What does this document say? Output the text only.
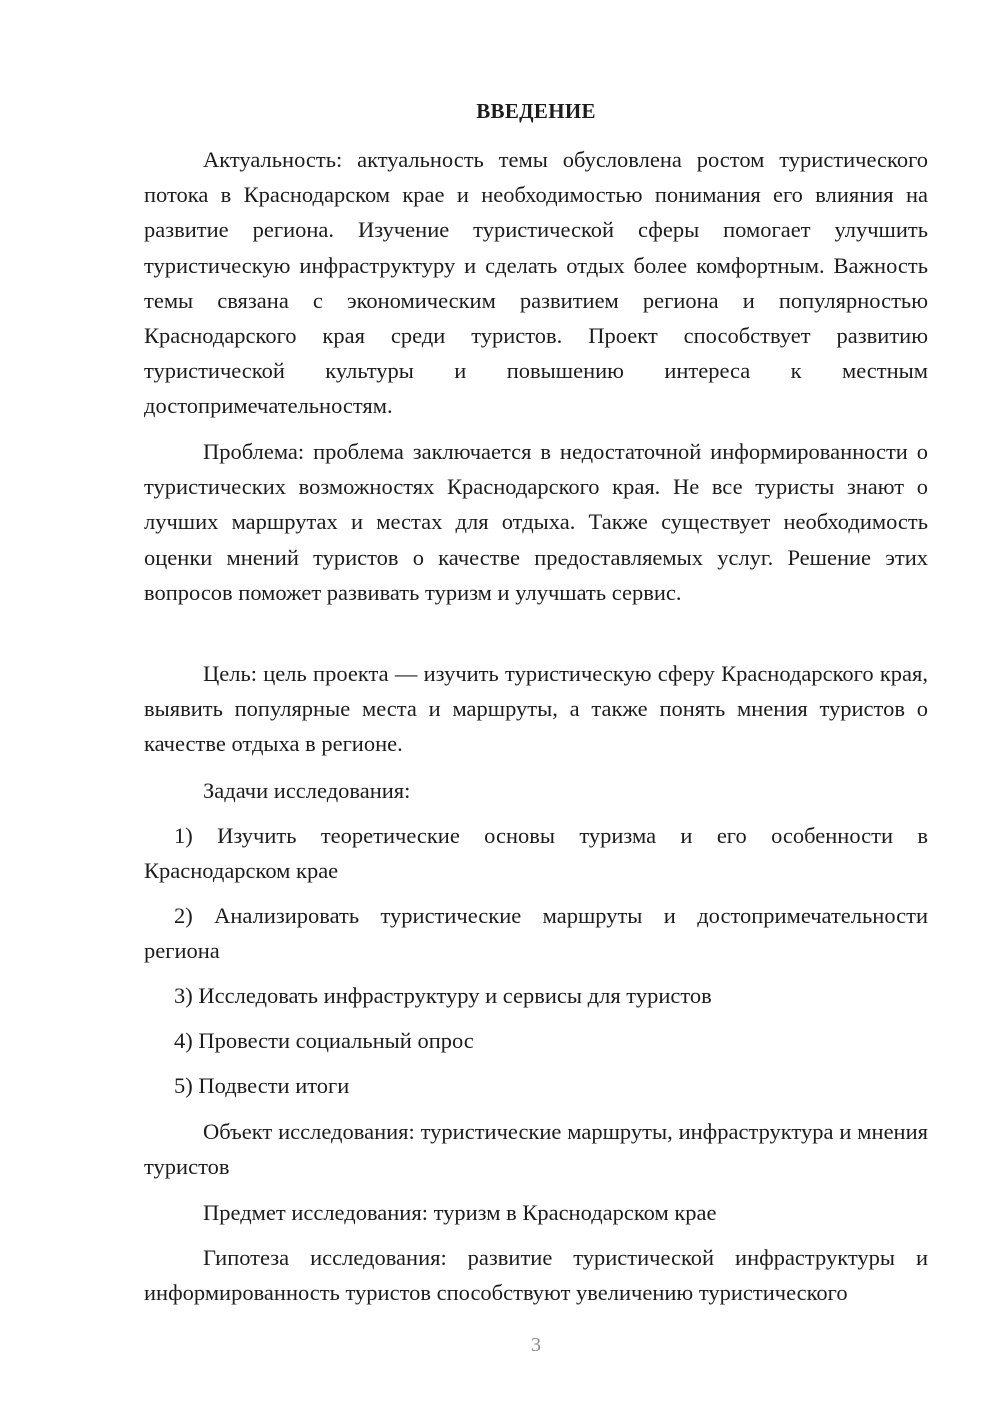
ВВЕДЕНИЕ

Актуальность: актуальность темы обусловлена ростом туристического потока в Краснодарском крае и необходимостью понимания его влияния на развитие региона. Изучение туристической сферы помогает улучшить туристическую инфраструктуру и сделать отдых более комфортным. Важность темы связана с экономическим развитием региона и популярностью Краснодарского края среди туристов. Проект способствует развитию туристической культуры и повышению интереса к местным достопримечательностям.

Проблема: проблема заключается в недостаточной информированности о туристических возможностях Краснодарского края. Не все туристы знают о лучших маршрутах и местах для отдыха. Также существует необходимость оценки мнений туристов о качестве предоставляемых услуг. Решение этих вопросов поможет развивать туризм и улучшать сервис.

Цель: цель проекта — изучить туристическую сферу Краснодарского края, выявить популярные места и маршруты, а также понять мнения туристов о качестве отдыха в регионе.

Задачи исследования:

1) Изучить теоретические основы туризма и его особенности в Краснодарском крае

2) Анализировать туристические маршруты и достопримечательности региона

3) Исследовать инфраструктуру и сервисы для туристов

4) Провести социальный опрос

5) Подвести итоги

Объект исследования: туристические маршруты, инфраструктура и мнения туристов

Предмет исследования: туризм в Краснодарском крае

Гипотеза исследования: развитие туристической инфраструктуры и информированность туристов способствуют увеличению туристического

3
